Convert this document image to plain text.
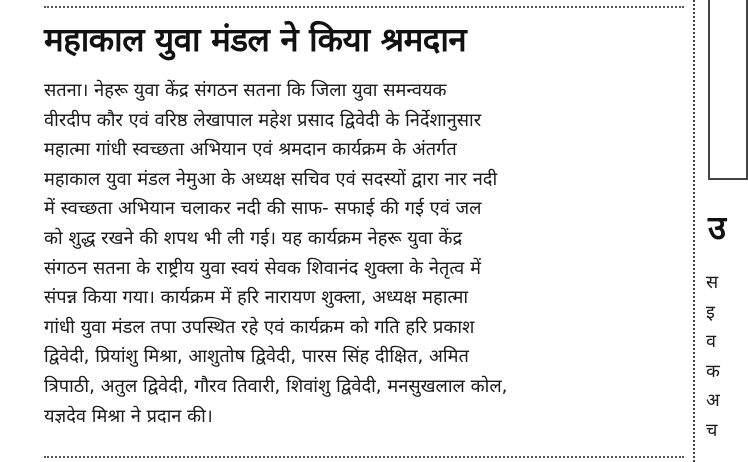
महाकाल युवा मंडल ने किया श्रमदान
सतना। नेहरू युवा केंद्र संगठन सतना कि जिला युवा समन्वयक
वीरदीप कौर एवं वरिष्ठ लेखापाल महेश प्रसाद द्विवेदी के निर्देशानुसार
महात्मा गांधी स्वच्छता अभियान एवं श्रमदान कार्यक्रम के अंतर्गत
महाकाल युवा मंडल नेमुआ के अध्यक्ष सचिव एवं सदस्यों द्वारा नार नदी
में स्वच्छता अभियान चलाकर नदी की साफ- सफाई की गई एवं जल
को शुद्ध रखने की शपथ भी ली गई। यह कार्यक्रम नेहरू युवा केंद्र
संगठन सतना के राष्ट्रीय युवा स्वयं सेवक शिवानंद शुक्ला के नेतृत्व में
संपन्न किया गया। कार्यक्रम में हरि नारायण शुक्ला, अध्यक्ष महात्मा
गांधी युवा मंडल तपा उपस्थित रहे एवं कार्यक्रम को गति हरि प्रकाश
द्विवेदी, प्रियांशु मिश्रा, आशुतोष द्विवेदी, पारस सिंह दीक्षित, अमित
त्रिपाठी, अतुल द्विवेदी, गौरव तिवारी, शिवांशु द्विवेदी, मनसुखलाल कोल,
यज्ञदेव मिश्रा ने प्रदान की।
उ
स
इ
व
क
अ
च
